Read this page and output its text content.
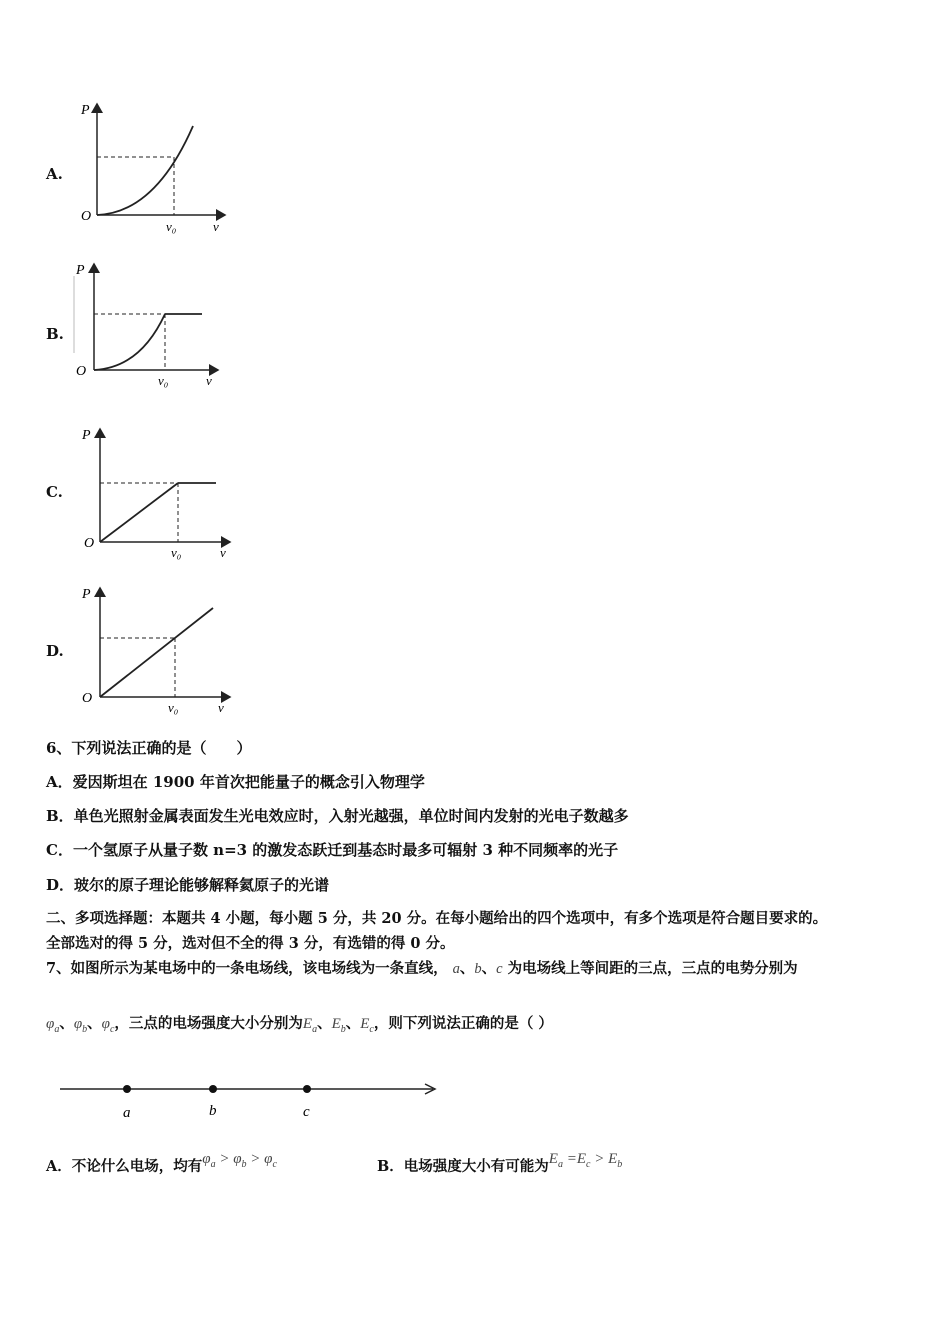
A.
P
O
v₀	v
B.
P
O
v₀	v
C.
P
O
v₀	v
D.
P
O
v₀	v
6、下列说法正确的是（　　）
A．爱因斯坦在 1900 年首次把能量子的概念引入物理学
B．单色光照射金属表面发生光电效应时，入射光越强，单位时间内发射的光电子数越多
C．一个氢原子从量子数 n=3 的激发态跃迁到基态时最多可辐射 3 种不同频率的光子
D．玻尔的原子理论能够解释氦原子的光谱
二、多项选择题：本题共 4 小题，每小题 5 分，共 20 分。在每小题给出的四个选项中，有多个选项是符合题目要求的。
全部选对的得 5 分，选对但不全的得 3 分，有选错的得 0 分。
7、如图所示为某电场中的一条电场线，该电场线为一条直线， a、b、c 为电场线上等间距的三点，三点的电势分别为
$\varphi_a$、$\varphi_b$、$\varphi_c$，三点的电场强度大小分别为$E_a$、$E_b$、$E_c$，则下列说法正确的是（ ）
a	b	c
A．不论什么电场，均有$\varphi_a > \varphi_b > \varphi_c$	B．电场强度大小有可能为$E_a =E_c > E_b$
